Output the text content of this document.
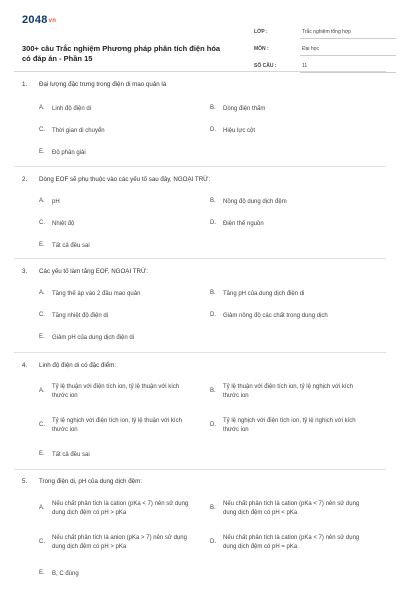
2048vn
300+ câu Trắc nghiệm Phương pháp phân tích điện hóa có đáp án - Phần 15
LỚP :	Trắc nghiệm tổng hợp
MÔN :	Đại học
SỐ CÂU :	11
1. Đại lượng đặc trưng trong điện di mao quản là
A. Linh độ điện di	B. Dòng điện thấm
C. Thời gian di chuyển	D. Hiệu lực cột
E. Độ phân giải
2. Dòng EOF sẽ phụ thuộc vào các yếu tố sau đây, NGOẠI TRỪ:
A. pH	B. Nồng độ dung dịch đệm
C. Nhiệt độ	D. Điện thế nguồn
E. Tất cả đều sai
3. Các yếu tố làm tăng EOF, NGOẠI TRỪ:
A. Tăng thế áp vào 2 đầu mao quản	B. Tăng pH của dung dịch điện di
C. Tăng nhiệt độ điện di	D. Giảm nồng độ các chất trong dung dịch
E. Giảm pH của dung dịch điện di
4. Linh độ điện di có đặc điểm:
A.
Tỷ lệ thuận với điện tích ion, tỷ lệ thuận với kích thước ion
B.
Tỷ lệ thuận với điện tích ion, tỷ lệ nghịch với kích thước ion
C.
Tỷ lệ nghịch với điện tích ion, tỷ lệ thuận với kích thước ion
D.
Tỷ lệ nghịch với điện tích ion, tỷ lệ nghịch với kích thước ion
E. Tất cả đều sai
5. Trong điện di, pH của dung dịch đệm:
A.
Nếu chất phân tích là cation (pKa < 7) nên sử dụng dung dịch đệm có pH > pKa
B.
Nếu chất phân tích là cation (pKa < 7) nên sử dụng dung dịch đệm có pH < pKa
C.
Nếu chất phân tích là anion (pKa > 7) nên sử dụng dung dịch đệm có pH > pKa
D.
Nếu chất phân tích là cation (pKa < 7) nên sử dụng dung dịch đệm có pH = pKa
E. B, C đúng
